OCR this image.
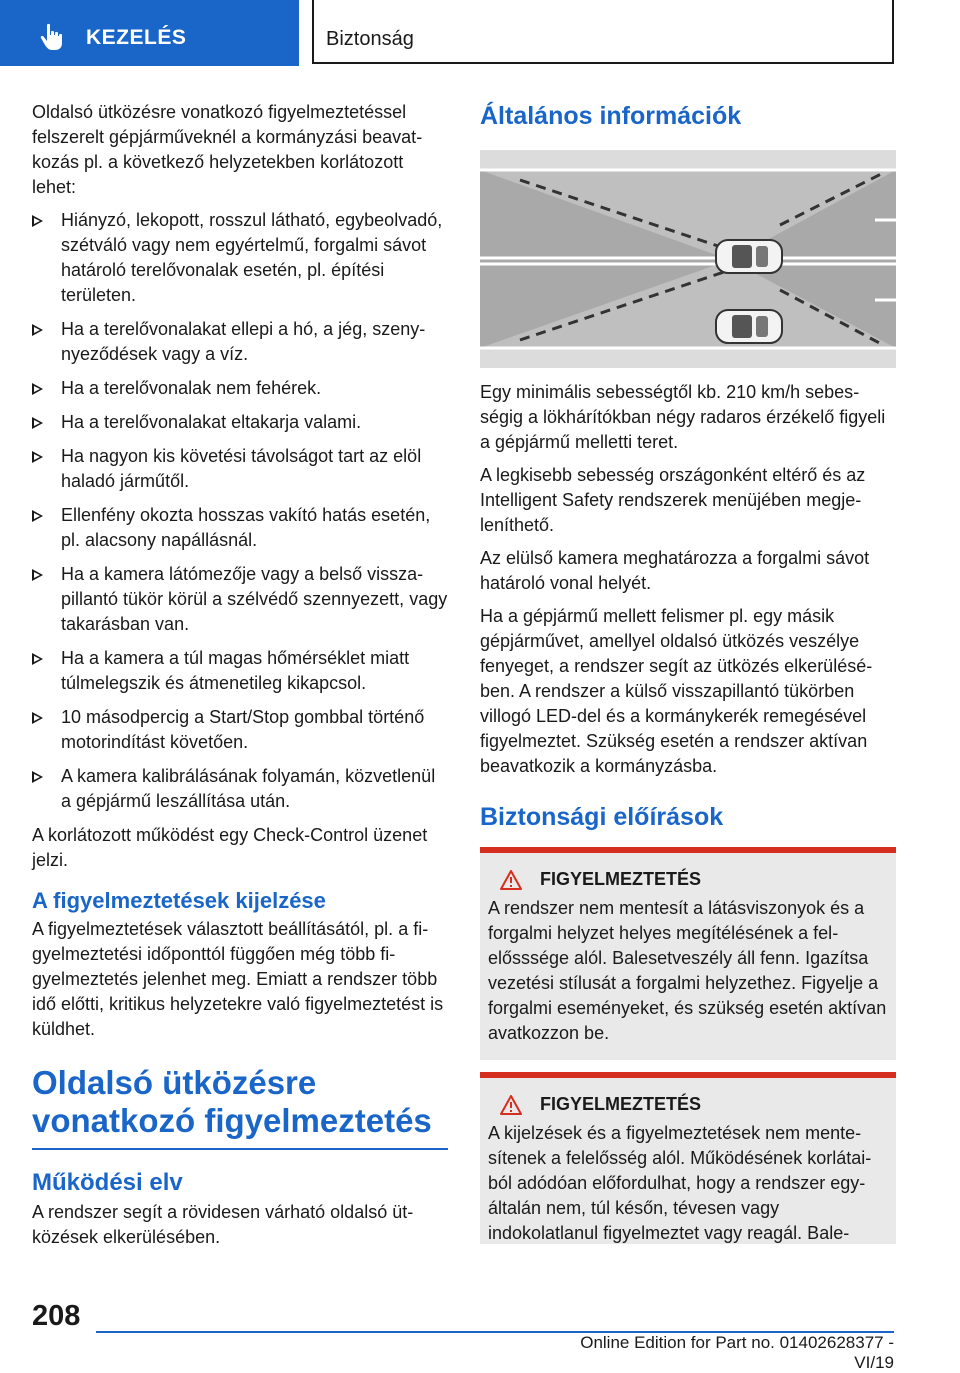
KEZELÉS	Biztonság

Oldalsó ütközésre vonatkozó figyelmeztetéssel felszerelt gépjárműveknél a kormányzási beavatkozás pl. a következő helyzetekben korlátozott lehet:

Hiányzó, lekopott, rosszul látható, egybeolvadó, szétváló vagy nem egyértelmű, forgalmi sávot határoló terelővonalak esetén, pl. építési területen.
Ha a terelővonalakat ellepi a hó, a jég, szenynyeződések vagy a víz.
Ha a terelővonalak nem fehérek.
Ha a terelővonalakat eltakarja valami.
Ha nagyon kis követési távolságot tart az elöl haladó járműtől.
Ellenfény okozta hosszas vakító hatás esetén, pl. alacsony napállásnál.
Ha a kamera látómezője vagy a belső visszapillantó tükör körül a szélvédő szennyezett, vagy takarásban van.
Ha a kamera a túl magas hőmérséklet miatt túlmelegszik és átmenetileg kikapcsol.
10 másodpercig a Start/Stop gombbal történő motorindítást követően.
A kamera kalibrálásának folyamán, közvetlenül a gépjármű leszállítása után.

A korlátozott működést egy Check-Control üzenet jelzi.

A figyelmeztetések kijelzése

A figyelmeztetések választott beállításától, pl. a figyelmeztetési időponttól függően még több figyelmeztetés jelenhet meg. Emiatt a rendszer több idő előtti, kritikus helyzetekre való figyelmeztetést is küldhet.

Oldalsó ütközésre vonatkozó figyelmeztetés
Működési elv

A rendszer segít a rövidesen várható oldalsó ütközések elkerülésében.

Általános információk

Egy minimális sebességtől kb. 210 km/h sebességig a lökhárítókban négy radaros érzékelő figyeli a gépjármű melletti teret.

A legkisebb sebesség országonként eltérő és az Intelligent Safety rendszerek menüjében megjeleníthető.

Az elülső kamera meghatározza a forgalmi sávot határoló vonal helyét.

Ha a gépjármű mellett felismer pl. egy másik gépjárművet, amellyel oldalsó ütközés veszélye fenyeget, a rendszer segít az ütközés elkerülésében. A rendszer a külső visszapillantó tükörben villogó LED-del és a kormánykerék remegésével figyelmeztet. Szükség esetén a rendszer aktívan beavatkozik a kormányzásba.

Biztonsági előírások
FIGYELMEZTETÉS

A rendszer nem mentesít a látásviszonyok és a forgalmi helyzet helyes megítélésének a felelősssége alól. Balesetveszély áll fenn. Igazítsa vezetési stílusát a forgalmi helyzethez. Figyelje a forgalmi eseményeket, és szükség esetén aktívan avatkozzon be.

FIGYELMEZTETÉS

A kijelzések és a figyelmeztetések nem mentesítenek a felelősség alól. Működésének korlátaiból adódóan előfordulhat, hogy a rendszer egyáltalán nem, túl későn, tévesen vagy indokolatlanul figyelmeztet vagy reagál. Bale-

208
Online Edition for Part no. 01402628377 - VI/19
